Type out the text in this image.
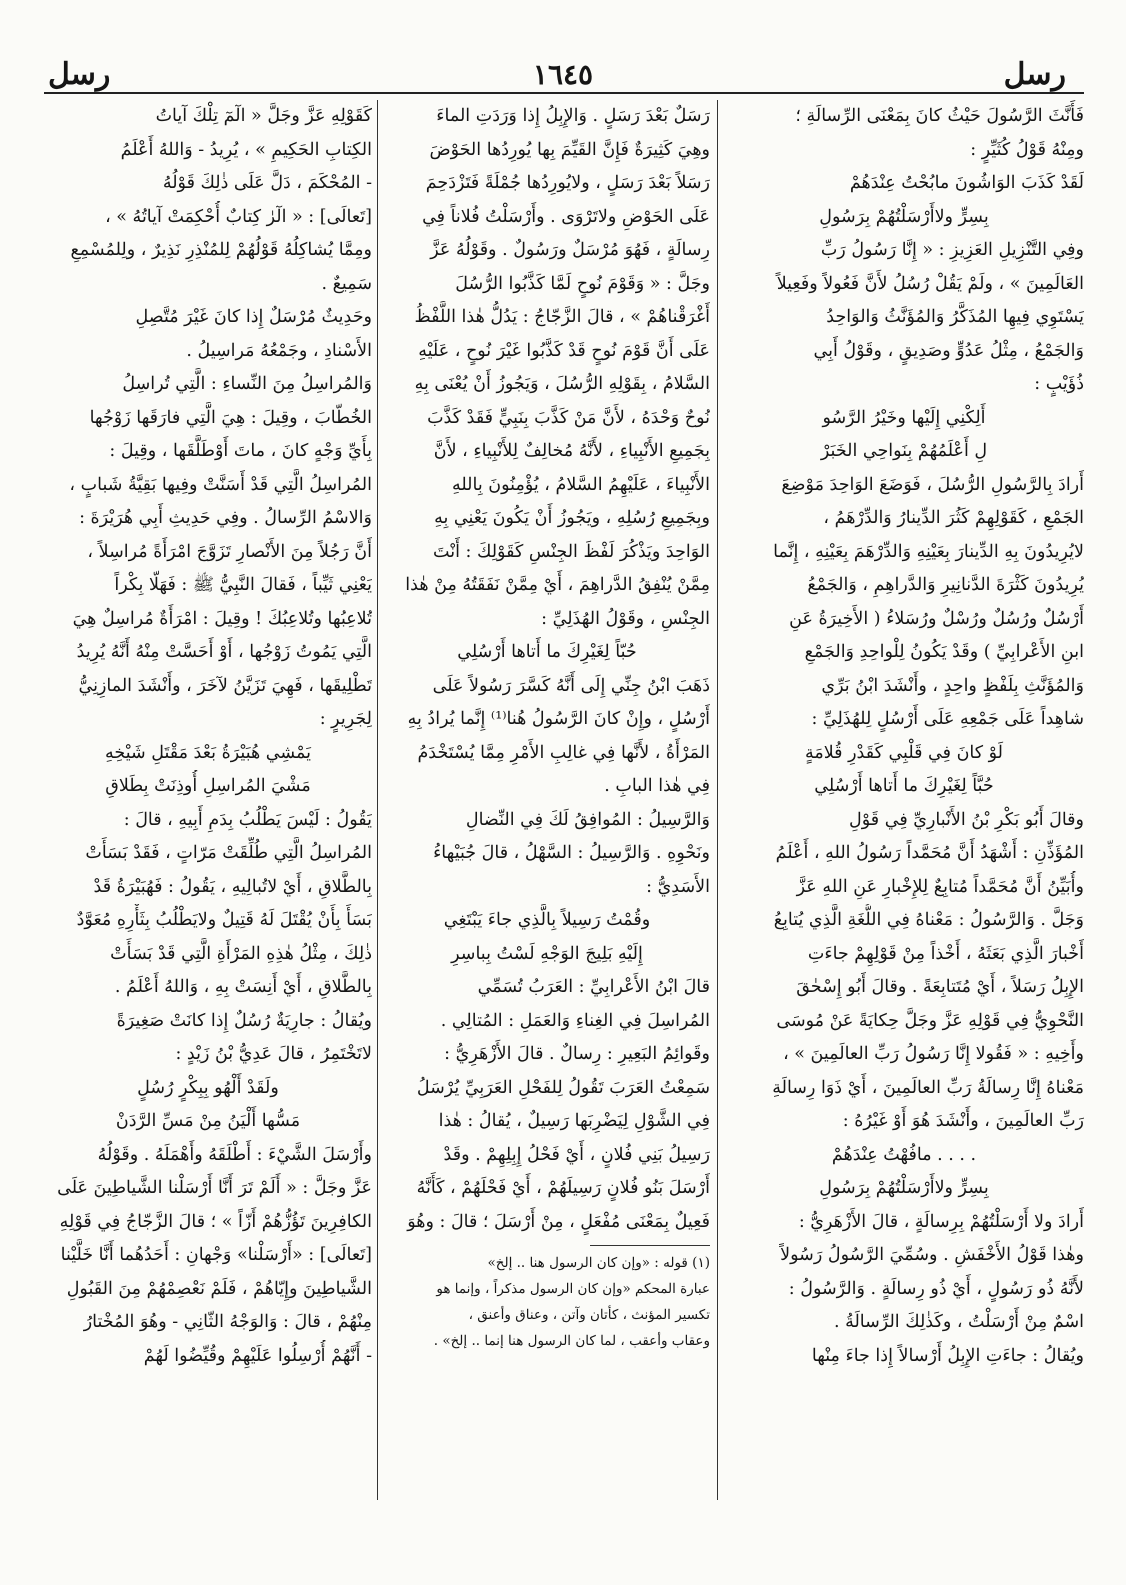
رسل
١٦٤٥
رسل
فَأَنَّثَ الرَّسُولَ حَيْثُ كانَ بِمَعْنَى الرِّسالَةِ ؛
ومِنْهُ قَوْلُ كُثَيِّرٍ :
لَقَدْ كَذَبَ الوَاشُونَ مابُحْتُ عِنْدَهُمْ
بِسِرٍّ ولاأَرْسَلْتُهُمْ بِرَسُولِ
وفِي التَّنْزِيلِ العَزِيزِ : « إِنَّا رَسُولُ رَبِّ
العَالَمِينَ » ، ولَمْ يَقُلْ رُسُلُ لأَنَّ فَعُولاً وفَعِيلاً
يَسْتَوِي فِيهِا المُذَكَّرُ وَالمُؤَنَّثُ وَالوَاحِدُ
وَالجَمْعُ ، مِثْلُ عَدُوٍّ وصَدِيقٍ ، وقَوْلُ أَبِي
ذُؤَيْبٍ :
أَلِكْنِي إِلَيْها وخَيْرُ الرَّسُو
لِ أَعْلَمُهُمْ بِنَواحِي الخَبَرْ
أَرادَ بِالرَّسُولِ الرُّسُلَ ، فَوَضَعَ الوَاحِدَ مَوْضِعَ
الجَمْعِ ، كَقَوْلِهِمْ كَثُرَ الدِّينارُ وَالدِّرْهَمُ ،
لايُرِيدُونَ بِهِ الدِّينارَ بِعَيْنِهِ وَالدِّرْهَمَ بِعَيْنِهِ ، إِنَّما
يُرِيدُونَ كَثْرَةَ الدَّنانِيرِ وَالدَّراهِمِ ، وَالجَمْعُ
أَرْسُلٌ ورُسُلٌ ورُسْلٌ ورُسَلاءُ ( الأَخِيرَةُ عَنِ
ابنِ الأَعْرابِيِّ ) وقَدْ يَكُونُ لِلْواحِدِ وَالجَمْعِ
وَالمُؤَنَّثِ بِلَفْظٍ واحِدٍ ، وأَنْشَدَ ابْنُ بَرِّي
شاهِداً عَلَى جَمْعِهِ عَلَى أَرْسُلٍ لِلهُذَلِيِّ :
لَوْ كانَ فِي قَلْبِي كَقَدْرِ قُلامَةٍ
حُبَّاً لِغَيْرِكَ ما أَتاها أَرْسُلِي
وقالَ أَبُو بَكْرِ بْنُ الأَنْبارِيِّ فِي قَوْلِ
المُؤَذِّنِ : أَشْهَدُ أَنَّ مُحَمَّداً رَسُولُ اللهِ ، أَعْلَمُ
وأُبَيِّنُ أَنَّ مُحَمَّداً مُتابِعٌ لِلإِخْبارِ عَنِ اللهِ عَزَّ
وَجَلَّ . وَالرَّسُولُ : مَعْناهُ فِي اللُّغَةِ الَّذِي يُتابِعُ
أَخْبارَ الَّذِي بَعَثَهُ ، أَخْذاً مِنْ قَوْلِهِمْ جاءَتِ
الإِبِلُ رَسَلاً ، أَيْ مُتَتابِعَةً . وقالَ أَبُو إِسْحٰقَ
النَّحْوِيُّ فِي قَوْلِهِ عَزَّ وجَلَّ حِكايَةً عَنْ مُوسَى
وأَخِيهِ : « فَقُولا إِنَّا رَسُولُ رَبِّ العالَمِينَ » ،
مَعْناهُ إِنَّا رِسالَةُ رَبِّ العالَمِينَ ، أَيْ ذَوَا رِسالَةِ
رَبِّ العالَمِينَ ، وأَنْشَدَ هُوَ أَوْ غَيْرُهُ :
. . . . مافُهْتُ عِنْدَهُمْ
بِسِرٍّ ولاأَرْسَلْتُهُمْ بِرَسُولِ
أَرادَ ولا أَرْسَلْتُهُمْ بِرِسالَةٍ ، قالَ الأَزْهَرِيُّ :
وهٰذا قَوْلُ الأَخْفَشِ . وسُمِّيَ الرَّسُولُ رَسُولاً
لأَنَّهُ ذُو رَسُولٍ ، أَيْ ذُو رِسالَةٍ . وَالرَّسُولُ :
اسْمٌ مِنْ أَرْسَلْتُ ، وكَذٰلِكَ الرِّسالَةُ .
ويُقالُ : جاءَتِ الإِبِلُ أَرْسالاً إِذا جاءَ مِنْها
رَسَلٌ بَعْدَ رَسَلٍ . وَالإِبِلُ إِذا وَرَدَتِ الماءَ
وهِيَ كَثِيرَةٌ فَإِنَّ القَيِّمَ بِها يُورِدُها الحَوْضَ
رَسَلاً بَعْدَ رَسَلٍ ، ولايُورِدُها جُمْلَةً فَتَزْدَحِمَ
عَلَى الحَوْضِ ولاتَرْوَى . وأَرْسَلْتُ فُلاناً فِي
رِسالَةٍ ، فَهُوَ مُرْسَلٌ ورَسُولٌ . وقَوْلُهُ عَزَّ
وجَلَّ : « وَقَوْمَ نُوحٍ لَمَّا كَذَّبُوا الرُّسُلَ
أَغْرَقْناهُمْ » ، قالَ الزَّجّاجُ : يَدُلُّ هٰذا اللَّفْظُ
عَلَى أَنَّ قَوْمَ نُوحٍ قَدْ كَذَّبُوا غَيْرَ نُوحٍ ، عَلَيْهِ
السَّلامُ ، بِقَوْلِهِ الرُّسُلَ ، وَيَجُوزُ أَنْ يُعْنَى بِهِ
نُوحٌ وَحْدَهُ ، لأَنَّ مَنْ كَذَّبَ بِنَبِيٍّ فَقَدْ كَذَّبَ
بِجَمِيعِ الأَنْبِياءِ ، لأَنَّهُ مُخالِفٌ لِلأَنْبِياءِ ، لأَنَّ
الأَنْبِياءَ ، عَلَيْهِمُ السَّلامُ ، يُؤْمِنُونَ بِاللهِ
وبِجَمِيعِ رُسُلِهِ ، ويَجُوزُ أَنْ يَكُونَ يَعْنِي بِهِ
الوَاحِدَ ويَذْكُرَ لَفْظَ الجِنْسِ كَقَوْلِكَ : أَنْتَ
مِمَّنْ يُنْفِقُ الدَّراهِمَ ، أَيْ مِمَّنْ نَفَقَتُهُ مِنْ هٰذا
الجِنْسِ ، وقَوْلُ الهُذَلِيِّ :
حُبّاً لِغَيْرِكَ ما أَتاها أَرْسُلِي
ذَهَبَ ابْنُ جِنِّي إِلَى أَنَّهُ كَسَّرَ رَسُولاً عَلَى
أَرْسُلٍ ، وإِنْ كانَ الرَّسُولُ هُنا⁽¹⁾ إِنَّما يُرادُ بِهِ
المَرْأَةُ ، لأَنَّها فِي غالِبِ الأَمْرِ مِمَّا يُسْتَخْدَمُ
فِي هٰذا البابِ .
وَالرَّسِيلُ : المُوافِقُ لَكَ فِي النِّضالِ
ونَحْوِهِ . وَالرَّسِيلُ : السَّهْلُ ، قالَ جُبَيْهاءُ
الأَسَدِيُّ :
وقُمْتُ رَسِيلاً بِالَّذِي جاءَ يَبْتَغِي
إِلَيْهِ بَلِيجَ الوَجْهِ لَسْتُ بِباسِرِ
قالَ ابْنُ الأَعْرابِيِّ : العَرَبُ تُسَمِّي
المُراسِلَ فِي الغِناءِ وَالعَمَلِ : المُتالِي .
وقَوائِمُ البَعِيرِ : رِسالٌ . قالَ الأَزْهَرِيُّ :
سَمِعْتُ العَرَبَ تَقُولُ لِلفَحْلِ العَرَبِيِّ يُرْسَلُ
فِي الشَّوْلِ لِيَضْرِبَها رَسِيلٌ ، يُقالُ : هٰذا
رَسِيلُ بَنِي فُلانٍ ، أَيْ فَحْلُ إِبِلِهِمْ . وقَدْ
أَرْسَلَ بَنُو فُلانٍ رَسِيلَهُمْ ، أَيْ فَحْلَهُمْ ، كَأَنَّهُ
فَعِيلٌ بِمَعْنَى مُفْعَلٍ ، مِنْ أَرْسَلَ ؛ قالَ : وهُوَ
(١) قوله : «وإن كان الرسول هنا .. إلخ»
عبارة المحكم «وإن كان الرسول مذكراً ، وإنما هو
تكسير المؤنث ، كأتان وآتن ، وعناق وأعنق ،
وعقاب وأعقب ، لما كان الرسول هنا إنما .. إلخ» .
كَقَوْلِهِ عَزَّ وجَلَّ « الٓمٓ تِلْكَ آياتُ
الكِتابِ الحَكِيمِ » ، يُرِيدُ - وَاللهُ أَعْلَمُ
- المُحْكَمَ ، دَلَّ عَلَى ذٰلِكَ قَوْلُهُ
[تَعالَى] : « الٓرٰ كِتابٌ أُحْكِمَتْ آياتُهُ » ،
ومِمَّا يُشاكِلُهُ قَوْلُهُمْ لِلمُنْذِرِ نَذِيرٌ ، ولِلمُسْمِعِ
سَمِيعٌ .
وحَدِيثٌ مُرْسَلٌ إِذا كانَ غَيْرَ مُتَّصِلِ
الأَسْنادِ ، وجَمْعُهُ مَراسِيلُ .
وَالمُراسِلُ مِنَ النِّساءِ : الَّتِي تُراسِلُ
الخُطّابَ ، وقِيلَ : هِيَ الَّتِي فارَقَها زَوْجُها
بِأَيِّ وَجْهٍ كانَ ، ماتَ أَوْطَلَّقَها ، وقِيلَ :
المُراسِلُ الَّتِي قَدْ أَسَنَّتْ وفِيها بَقِيَّةُ شَبابٍ ،
وَالاسْمُ الرِّسالُ . وفِي حَدِيثِ أَبِي هُرَيْرَةَ :
أَنَّ رَجُلاً مِنَ الأَنْصارِ تَزَوَّجَ امْرَأَةً مُراسِلاً ،
يَعْنِي ثَيِّباً ، فَقالَ النَّبِيُّ ﷺ : فَهَلّا بِكْراً
تُلاعِبُها وتُلاعِبُكَ ! وقِيلَ : امْرَأَةٌ مُراسِلٌ هِيَ
الَّتِي يَمُوتُ زَوْجُها ، أَوْ أَحَسَّتْ مِنْهُ أَنَّهُ يُرِيدُ
تَطْلِيقَها ، فَهِيَ تَزَيَّنُ لآخَرَ ، وأَنْشَدَ المازِنِيُّ
لِجَرِيرٍ :
يَمْشِي هُبَيْرَةُ بَعْدَ مَقْتَلِ شَيْخِهِ
مَشْيَ المُراسِلِ أُوذِنَتْ بِطَلاقِ
يَقُولُ : لَيْسَ يَطْلُبُ بِدَمِ أَبِيهِ ، قالَ :
المُراسِلُ الَّتِي طُلِّقَتْ مَرّاتٍ ، فَقَدْ بَسَأَتْ
بِالطَّلاقِ ، أَيْ لاتُبالِيهِ ، يَقُولُ : فَهُبَيْرَةُ قَدْ
بَسَأَ بِأَنْ يُقْتَلَ لَهُ قَتِيلٌ ولايَطْلُبُ بِثَأْرِهِ مُعَوَّدٌ
ذٰلِكَ ، مِثْلُ هٰذِهِ المَرْأَةِ الَّتِي قَدْ بَسَأَتْ
بِالطَّلاقِ ، أَيْ أَنِسَتْ بِهِ ، وَاللهُ أَعْلَمُ .
ويُقالُ : جارِيَةٌ رُسُلٌ إِذا كانَتْ صَغِيرَةً
لاتَخْتَمِرُ ، قالَ عَدِيُّ بْنُ زَيْدٍ :
ولَقَدْ أَلْهُو بِبِكْرٍ رُسُلٍ
مَسُّها أَلْيَنُ مِنْ مَسِّ الرَّدَنْ
وأَرْسَلَ الشَّيْءَ : أَطْلَقَهُ وأَهْمَلَهُ . وقَوْلُهُ
عَزَّ وجَلَّ : « أَلَمْ تَرَ أَنَّا أَرْسَلْنا الشَّياطِينَ عَلَى
الكافِرِينَ تَؤُزُّهُمْ أَزّاً » ؛ قالَ الزَّجّاجُ فِي قَوْلِهِ
[تَعالَى] : «أَرْسَلْنا» وَجْهانِ : أَحَدُهُما أَنَّا خَلَّيْنا
الشَّياطِينَ وإِيّاهُمْ ، فَلَمْ نَعْصِمْهُمْ مِنَ القَبُولِ
مِنْهُمْ ، قالَ : وَالوَجْهُ الثّانِي - وهُوَ المُخْتارُ
- أَنَّهُمْ أُرْسِلُوا عَلَيْهِمْ وقُيِّضُوا لَهُمْ
